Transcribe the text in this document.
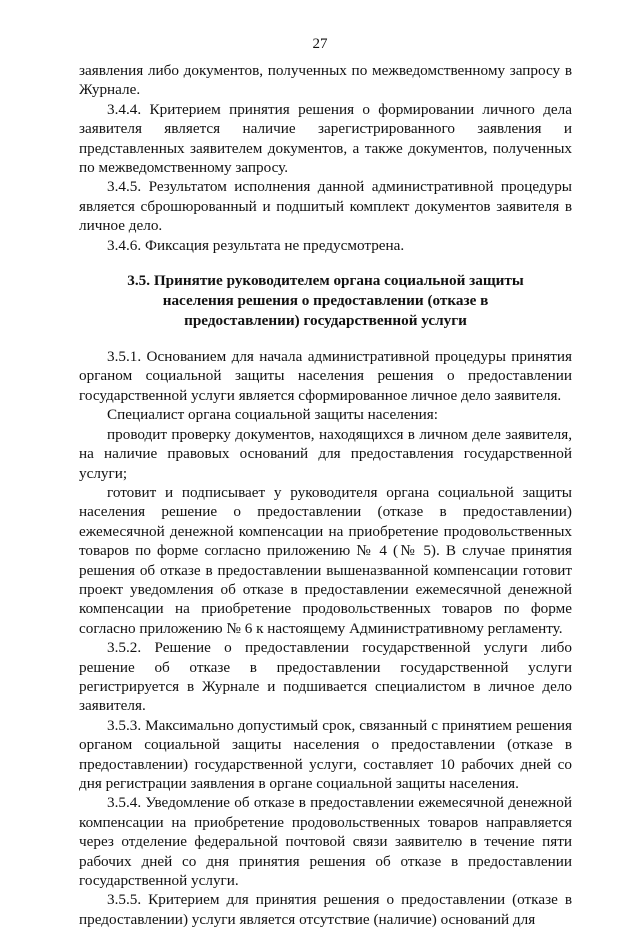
27

заявления либо документов, полученных по межведомственному запросу в Журнале.

3.4.4. Критерием принятия решения о формировании личного дела заявителя является наличие зарегистрированного заявления и представленных заявителем документов, а также документов, полученных по межведомственному запросу.

3.4.5. Результатом исполнения данной административной процедуры является сброшюрованный и подшитый комплект документов заявителя в личное дело.

3.4.6. Фиксация результата не предусмотрена.

3.5. Принятие руководителем органа социальной защиты населения решения о предоставлении (отказе в предоставлении) государственной услуги

3.5.1. Основанием для начала административной процедуры принятия органом социальной защиты населения решения о предоставлении государственной услуги является сформированное личное дело заявителя.

Специалист органа социальной защиты населения:

проводит проверку документов, находящихся в личном деле заявителя, на наличие правовых оснований для предоставления государственной услуги;

готовит и подписывает у руководителя органа социальной защиты населения решение о предоставлении (отказе в предоставлении) ежемесячной денежной компенсации на приобретение продовольственных товаров по форме согласно приложению № 4 (№ 5). В случае принятия решения об отказе в предоставлении вышеназванной компенсации готовит проект уведомления об отказе в предоставлении ежемесячной денежной компенсации на приобретение продовольственных товаров по форме согласно приложению № 6 к настоящему Административному регламенту.

3.5.2. Решение о предоставлении государственной услуги либо решение об отказе в предоставлении государственной услуги регистрируется в Журнале и подшивается специалистом в личное дело заявителя.

3.5.3. Максимально допустимый срок, связанный с принятием решения органом социальной защиты населения о предоставлении (отказе в предоставлении) государственной услуги, составляет 10 рабочих дней со дня регистрации заявления в органе социальной защиты населения.

3.5.4. Уведомление об отказе в предоставлении ежемесячной денежной компенсации на приобретение продовольственных товаров направляется через отделение федеральной почтовой связи заявителю в течение пяти рабочих дней со дня принятия решения об отказе в предоставлении государственной услуги.

3.5.5. Критерием для принятия решения о предоставлении (отказе в предоставлении) услуги является отсутствие (наличие) оснований для
